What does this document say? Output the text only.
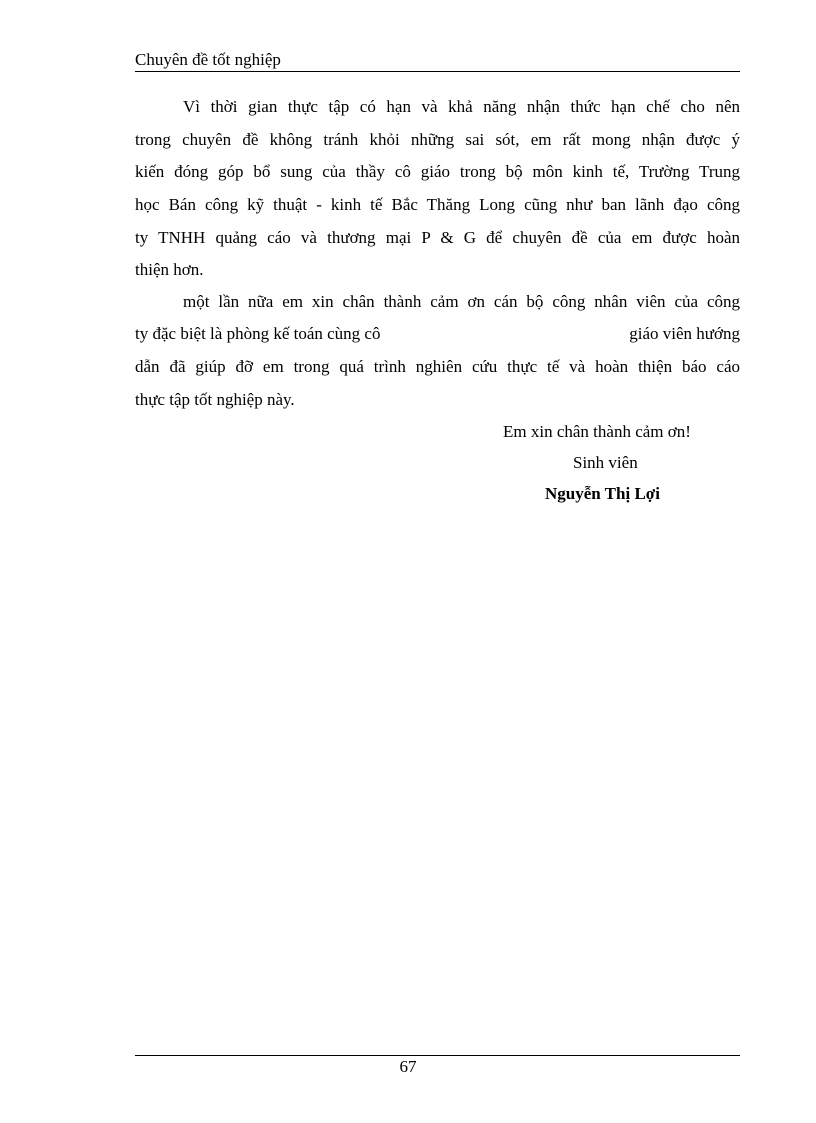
Chuyên đề tốt nghiệp
Vì thời gian thực tập có hạn và khả năng nhận thức hạn chế cho nên
trong chuyên đề không tránh khỏi những sai sót, em rất mong nhận được ý
kiến đóng góp bổ sung của thầy cô giáo trong bộ môn kinh tế, Trường Trung
học Bán công kỹ thuật - kinh tế Bắc Thăng Long cũng như ban lãnh đạo công
ty TNHH quảng cáo và thương mại P & G để chuyên đề của em được hoàn
thiện hơn.
một lần nữa em xin chân thành cảm ơn cán bộ công nhân viên của công
ty đặc biệt là phòng kế toán cùng cô	giáo viên hướng
dẫn đã giúp đỡ em trong quá trình nghiên cứu thực tế và hoàn thiện báo cáo
thực tập tốt nghiệp này.
Em xin chân thành cảm ơn!
Sinh viên
Nguyễn Thị Lợi
67
